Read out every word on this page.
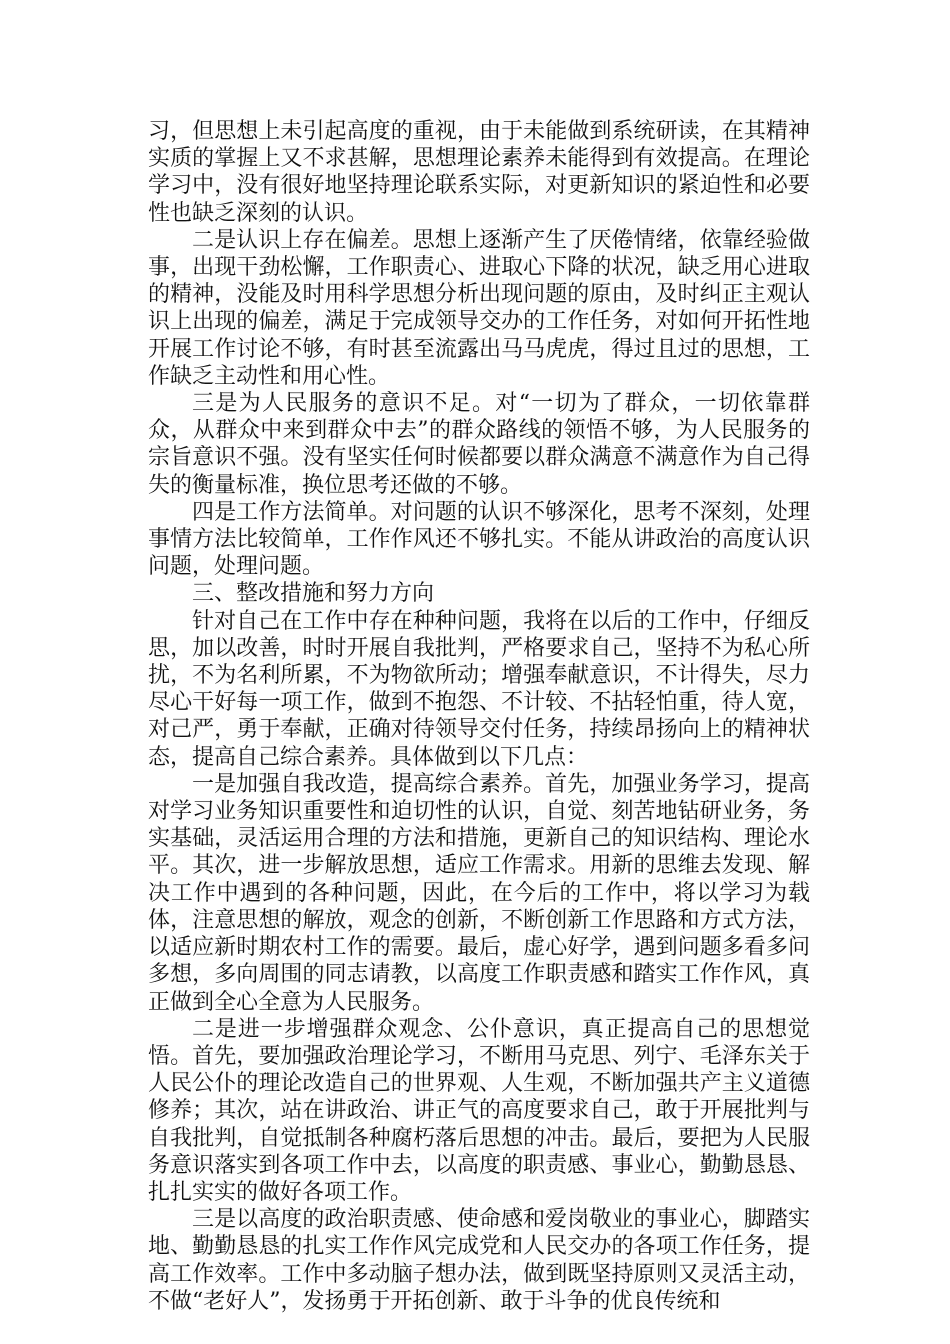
习，但思想上未引起高度的重视，由于未能做到系统研读，在其精神实质的掌握上又不求甚解，思想理论素养未能得到有效提高。在理论学习中，没有很好地坚持理论联系实际，对更新知识的紧迫性和必要性也缺乏深刻的认识。

二是认识上存在偏差。思想上逐渐产生了厌倦情绪，依靠经验做事，出现干劲松懈，工作职责心、进取心下降的状况，缺乏用心进取的精神，没能及时用科学思想分析出现问题的原由，及时纠正主观认识上出现的偏差，满足于完成领导交办的工作任务，对如何开拓性地开展工作讨论不够，有时甚至流露出马马虎虎，得过且过的思想，工作缺乏主动性和用心性。

三是为人民服务的意识不足。对“一切为了群众，一切依靠群众，从群众中来到群众中去”的群众路线的领悟不够，为人民服务的宗旨意识不强。没有坚实任何时候都要以群众满意不满意作为自己得失的衡量标准，换位思考还做的不够。

四是工作方法简单。对问题的认识不够深化，思考不深刻，处理事情方法比较简单，工作作风还不够扎实。不能从讲政治的高度认识问题，处理问题。

三、整改措施和努力方向

针对自己在工作中存在种种问题，我将在以后的工作中，仔细反思，加以改善，时时开展自我批判，严格要求自己，坚持不为私心所扰，不为名利所累，不为物欲所动；增强奉献意识，不计得失，尽力尽心干好每一项工作，做到不抱怨、不计较、不拈轻怕重，待人宽，对己严，勇于奉献，正确对待领导交付任务，持续昂扬向上的精神状态，提高自己综合素养。具体做到以下几点：

一是加强自我改造，提高综合素养。首先，加强业务学习，提高对学习业务知识重要性和迫切性的认识，自觉、刻苦地钻研业务，务实基础，灵活运用合理的方法和措施，更新自己的知识结构、理论水平。其次，进一步解放思想，适应工作需求。用新的思维去发现、解决工作中遇到的各种问题，因此，在今后的工作中，将以学习为载体，注意思想的解放，观念的创新，不断创新工作思路和方式方法，以适应新时期农村工作的需要。最后，虚心好学，遇到问题多看多问多想，多向周围的同志请教，以高度工作职责感和踏实工作作风，真正做到全心全意为人民服务。

二是进一步增强群众观念、公仆意识，真正提高自己的思想觉悟。首先，要加强政治理论学习，不断用马克思、列宁、毛泽东关于人民公仆的理论改造自己的世界观、人生观，不断加强共产主义道德修养；其次，站在讲政治、讲正气的高度要求自己，敢于开展批判与自我批判，自觉抵制各种腐朽落后思想的冲击。最后，要把为人民服务意识落实到各项工作中去，以高度的职责感、事业心，勤勤恳恳、扎扎实实的做好各项工作。

三是以高度的政治职责感、使命感和爱岗敬业的事业心，脚踏实地、勤勤恳恳的扎实工作作风完成党和人民交办的各项工作任务，提高工作效率。工作中多动脑子想办法，做到既坚持原则又灵活主动，不做“老好人”，发扬勇于开拓创新、敢于斗争的优良传统和
